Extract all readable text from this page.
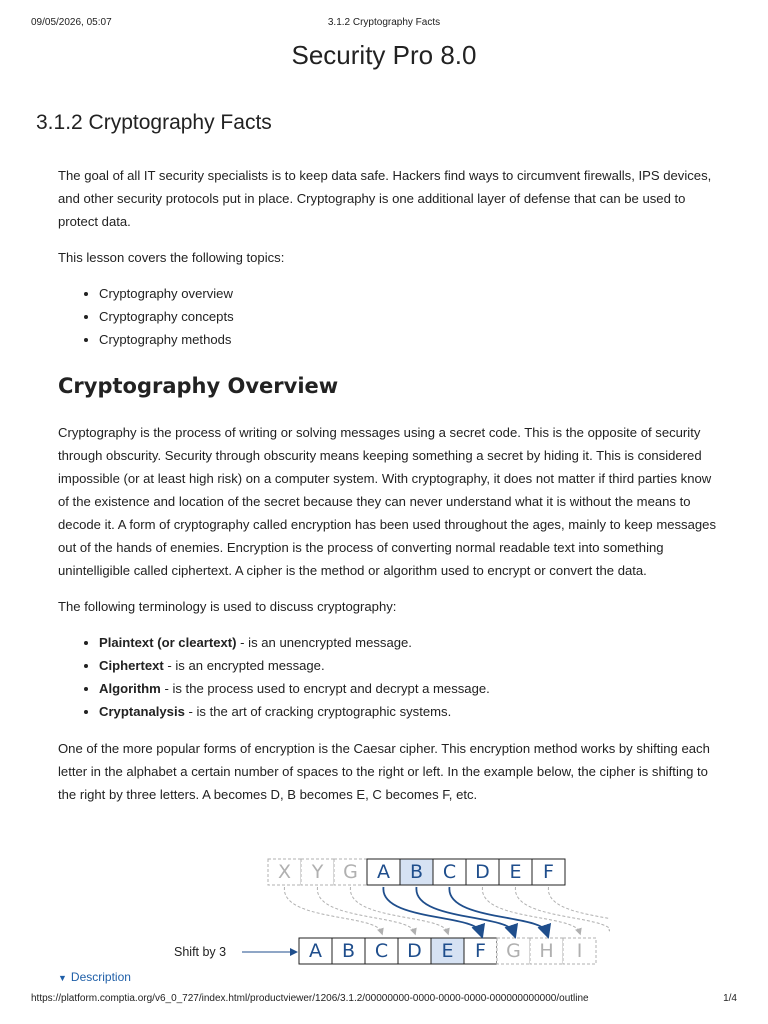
09/05/2026, 05:07	3.1.2 Cryptography Facts
Security Pro 8.0
3.1.2 Cryptography Facts

The goal of all IT security specialists is to keep data safe. Hackers find ways to circumvent firewalls, IPS devices, and other security protocols put in place. Cryptography is one additional layer of defense that can be used to protect data.

This lesson covers the following topics:

• Cryptography overview
• Cryptography concepts
• Cryptography methods
Cryptography Overview

Cryptography is the process of writing or solving messages using a secret code. This is the opposite of security through obscurity. Security through obscurity means keeping something a secret by hiding it. This is considered impossible (or at least high risk) on a computer system. With cryptography, it does not matter if third parties know of the existence and location of the secret because they can never understand what it is without the means to decode it. A form of cryptography called encryption has been used throughout the ages, mainly to keep messages out of the hands of enemies. Encryption is the process of converting normal readable text into something unintelligible called ciphertext. A cipher is the method or algorithm used to encrypt or convert the data.

The following terminology is used to discuss cryptography:

• Plaintext (or cleartext) - is an unencrypted message.
• Ciphertext - is an encrypted message.
• Algorithm - is the process used to encrypt and decrypt a message.
• Cryptanalysis - is the art of cracking cryptographic systems.

One of the more popular forms of encryption is the Caesar cipher. This encryption method works by shifting each letter in the alphabet a certain number of spaces to the right or left. In the example below, the cipher is shifting to the right by three letters. A becomes D, B becomes E, C becomes F, etc.

X Y G A B C D E F
A B C D E F G H I
Shift by 3
▼ Description
https://platform.comptia.org/v6_0_727/index.html/productviewer/1206/3.1.2/00000000-0000-0000-0000-000000000000/outline	1/4
